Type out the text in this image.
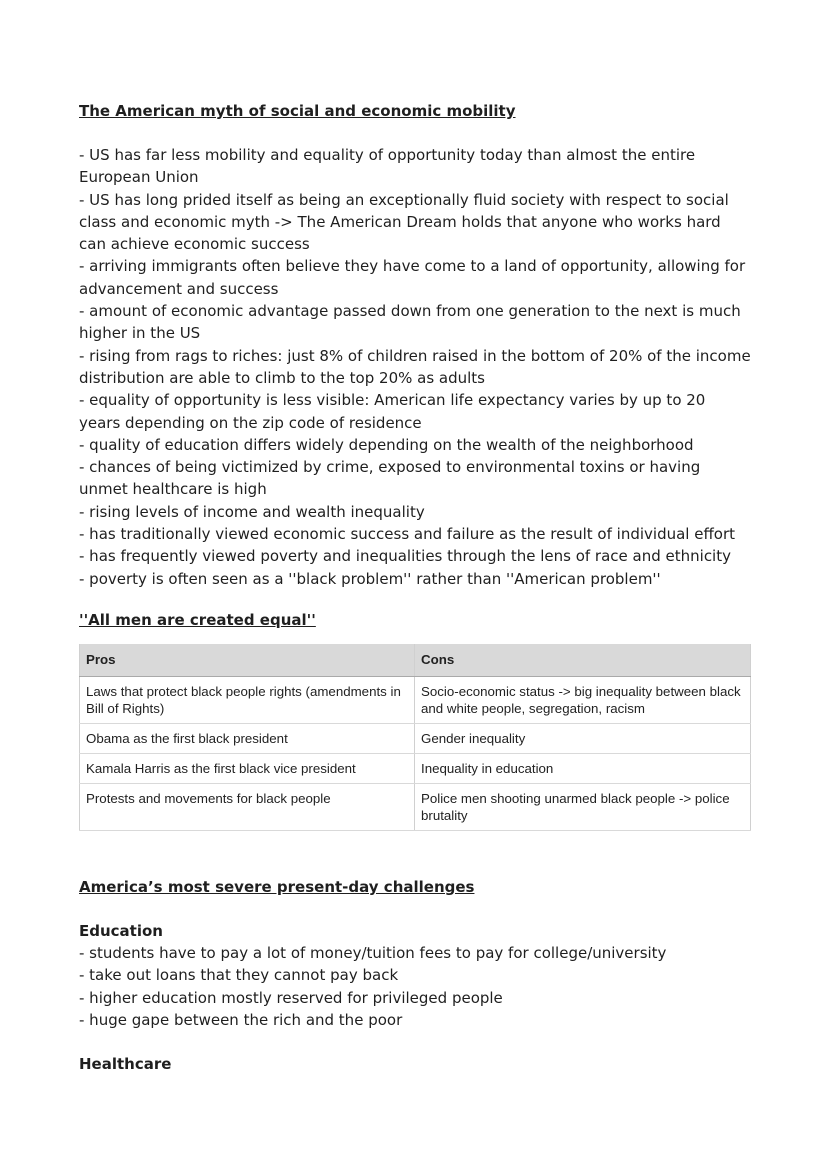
The American myth of social and economic mobility
- US has far less mobility and equality of opportunity today than almost the entire European Union
- US has long prided itself as being an exceptionally fluid society with respect to social class and economic myth -> The American Dream holds that anyone who works hard can achieve economic success
- arriving immigrants often believe they have come to a land of opportunity, allowing for advancement and success
- amount of economic advantage passed down from one generation to the next is much higher in the US
- rising from rags to riches: just 8% of children raised in the bottom of 20% of the income distribution are able to climb to the top 20% as adults
- equality of opportunity is less visible: American life expectancy varies by up to 20 years depending on the zip code of residence
- quality of education differs widely depending on the wealth of the neighborhood
- chances of being victimized by crime, exposed to environmental toxins or having unmet healthcare is high
- rising levels of income and wealth inequality
- has traditionally viewed economic success and failure as the result of individual effort
- has frequently viewed poverty and inequalities through the lens of race and ethnicity
- poverty is often seen as a ''black problem'' rather than ''American problem''
''All men are created equal''
Pros	Cons
Laws that protect black people rights (amendments in Bill of Rights)	Socio-economic status -> big inequality between black and white people, segregation, racism
Obama as the first black president	Gender inequality
Kamala Harris as the first black vice president	Inequality in education
Protests and movements for black people	Police men shooting unarmed black people -> police brutality
America’s most severe present-day challenges
Education
- students have to pay a lot of money/tuition fees to pay for college/university
- take out loans that they cannot pay back
- higher education mostly reserved for privileged people
- huge gape between the rich and the poor
Healthcare
